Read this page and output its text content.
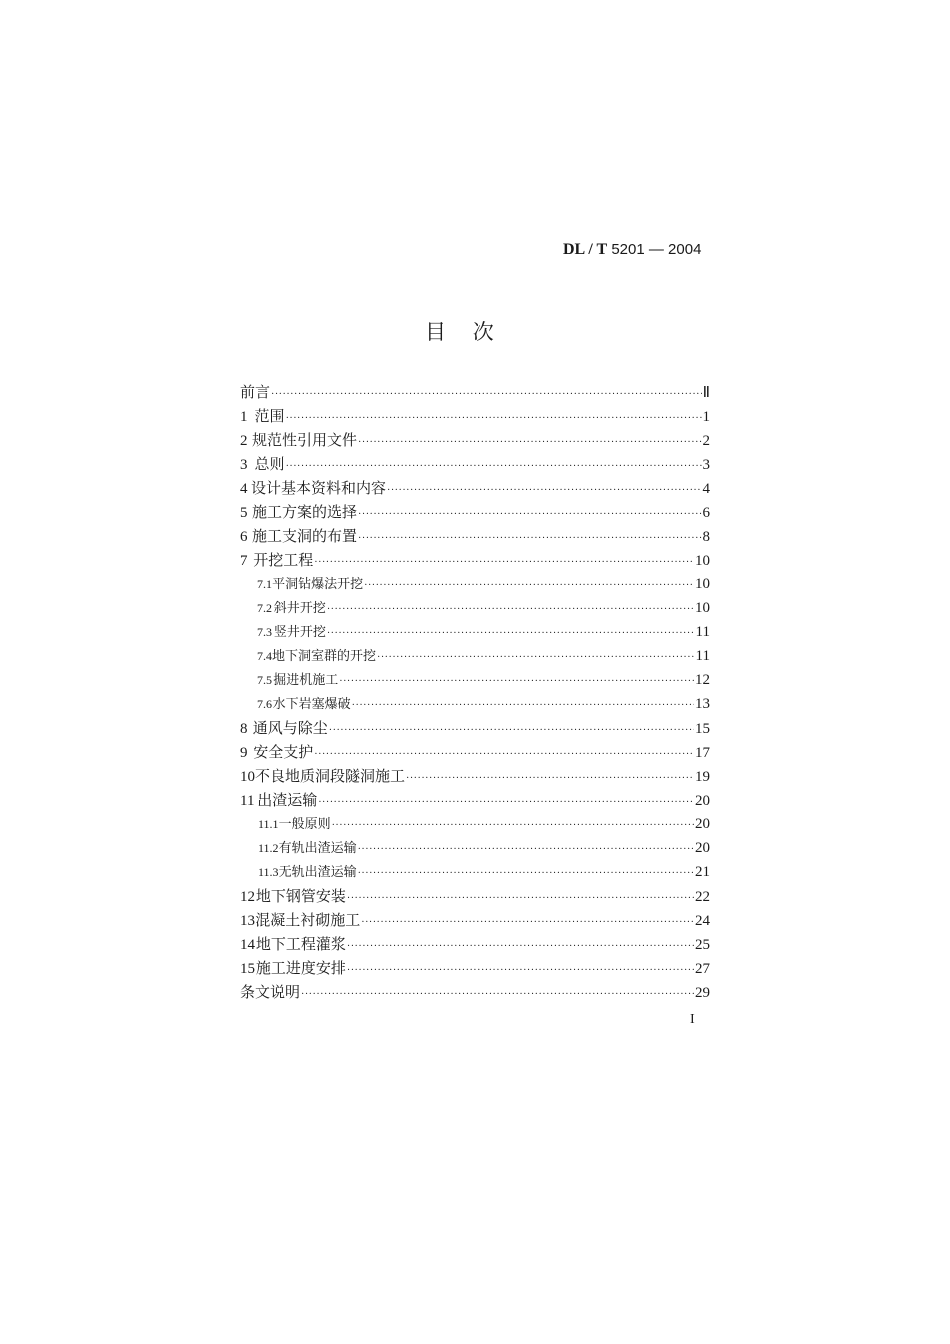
DL / T 5201 — 2004
目    次
前言 ·····	Ⅱ
1 范围 ·····	1
2 规范性引用文件 ·····	2
3 总则 ·····	3
4 设计基本资料和内容 ·····	4
5 施工方案的选择 ·····	6
6 施工支洞的布置 ·····	8
7 开挖工程 ·····	10
7.1 平洞钻爆法开挖 ·····	10
7.2 斜井开挖 ·····	10
7.3 竖井开挖 ·····	11
7.4 地下洞室群的开挖 ·····	11
7.5 掘进机施工 ·····	12
7.6 水下岩塞爆破 ·····	13
8 通风与除尘 ·····	15
9 安全支护 ·····	17
10 不良地质洞段隧洞施工 ·····	19
11 出渣运输 ·····	20
11.1 一般原则 ·····	20
11.2 有轨出渣运输 ·····	20
11.3 无轨出渣运输 ·····	21
12 地下钢管安装 ·····	22
13 混凝土衬砌施工 ·····	24
14 地下工程灌浆 ·····	25
15 施工进度安排 ·····	27
条文说明 ·····	29
I
